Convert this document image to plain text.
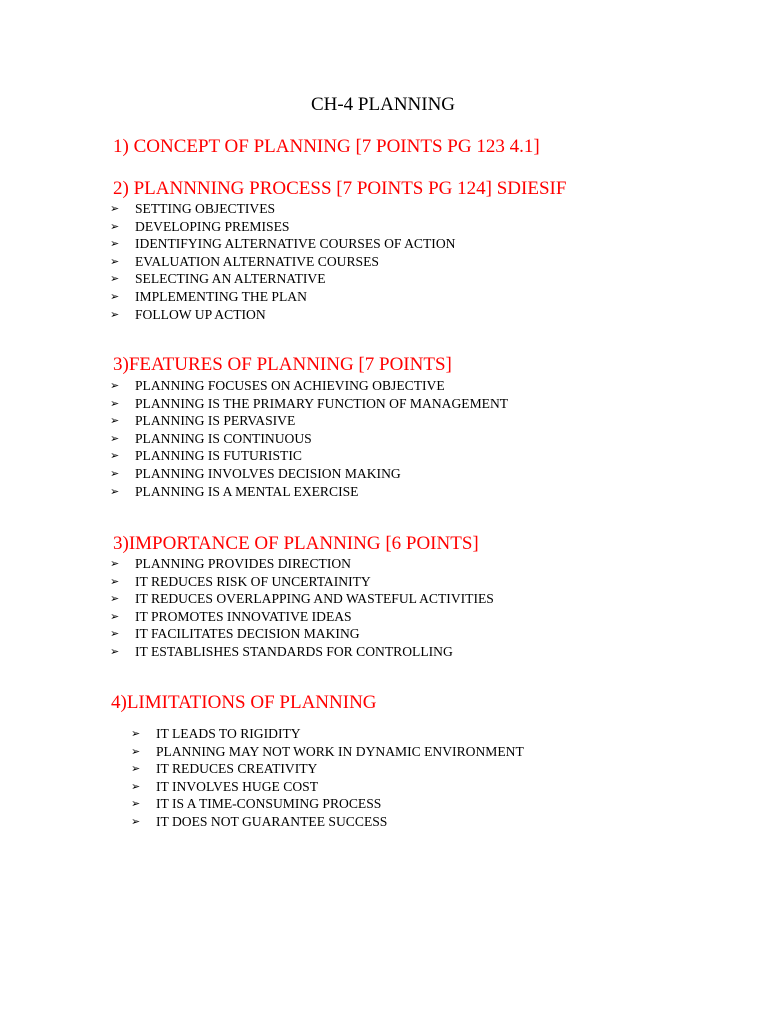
CH-4 PLANNING
1) CONCEPT OF PLANNING [7 POINTS PG 123 4.1]
2) PLANNNING PROCESS [7 POINTS PG 124] SDIESIF
➢	SETTING OBJECTIVES
➢	DEVELOPING PREMISES
➢	IDENTIFYING ALTERNATIVE COURSES OF ACTION
➢	EVALUATION ALTERNATIVE COURSES
➢	SELECTING AN ALTERNATIVE
➢	IMPLEMENTING THE PLAN
➢	FOLLOW UP ACTION
3)FEATURES OF PLANNING [7 POINTS]
➢	PLANNING FOCUSES ON ACHIEVING OBJECTIVE
➢	PLANNING IS THE PRIMARY FUNCTION OF MANAGEMENT
➢	PLANNING IS PERVASIVE
➢	PLANNING IS CONTINUOUS
➢	PLANNING IS FUTURISTIC
➢	PLANNING INVOLVES DECISION MAKING
➢	PLANNING IS A MENTAL EXERCISE
3)IMPORTANCE OF PLANNING [6 POINTS]
➢	PLANNING PROVIDES DIRECTION
➢	IT REDUCES RISK OF UNCERTAINITY
➢	IT REDUCES OVERLAPPING AND WASTEFUL ACTIVITIES
➢	IT PROMOTES INNOVATIVE IDEAS
➢	IT FACILITATES DECISION MAKING
➢	IT ESTABLISHES STANDARDS FOR CONTROLLING
4)LIMITATIONS OF PLANNING
➢	IT LEADS TO RIGIDITY
➢	PLANNING MAY NOT WORK IN DYNAMIC ENVIRONMENT
➢	IT REDUCES CREATIVITY
➢	IT INVOLVES HUGE COST
➢	IT IS A TIME-CONSUMING PROCESS
➢	IT DOES NOT GUARANTEE SUCCESS
